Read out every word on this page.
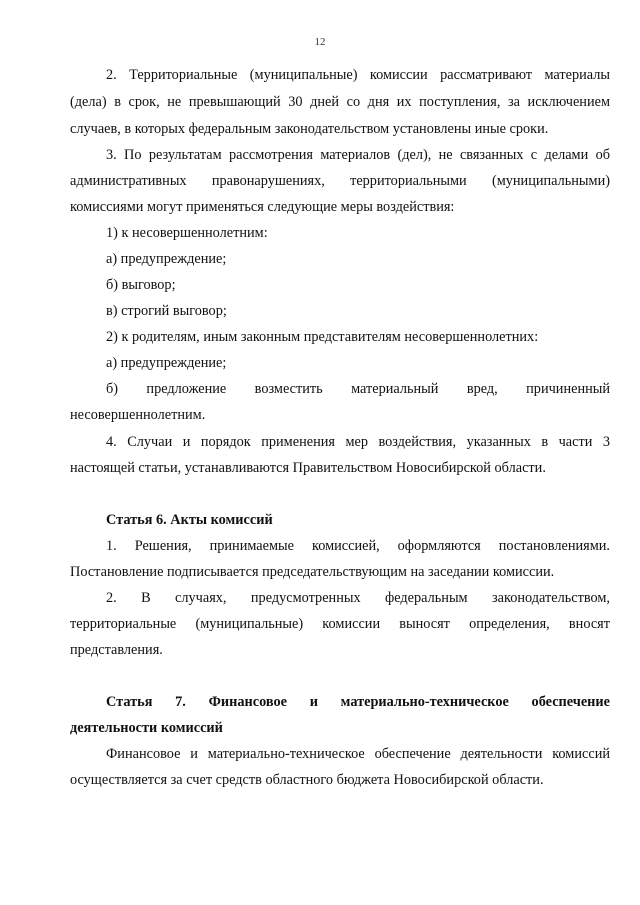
12
2. Территориальные (муниципальные) комиссии рассматривают материалы
(дела) в срок, не превышающий 30 дней со дня их поступления, за исключением
случаев, в которых федеральным законодательством установлены иные сроки.
3. По результатам рассмотрения материалов (дел), не связанных с делами об
административных правонарушениях, территориальными (муниципальными)
комиссиями могут применяться следующие меры воздействия:
1) к несовершеннолетним:
а) предупреждение;
б) выговор;
в) строгий выговор;
2) к родителям, иным законным представителям несовершеннолетних:
а) предупреждение;
б) предложение возместить материальный вред, причиненный
несовершеннолетним.
4. Случаи и порядок применения мер воздействия, указанных в части 3
настоящей статьи, устанавливаются Правительством Новосибирской области.
Статья 6. Акты комиссий
1. Решения, принимаемые комиссией, оформляются постановлениями.
Постановление подписывается председательствующим на заседании комиссии.
2. В случаях, предусмотренных федеральным законодательством,
территориальные (муниципальные) комиссии выносят определения, вносят
представления.
Статья 7. Финансовое и материально-техническое обеспечение
деятельности комиссий
Финансовое и материально-техническое обеспечение деятельности комиссий
осуществляется за счет средств областного бюджета Новосибирской области.
